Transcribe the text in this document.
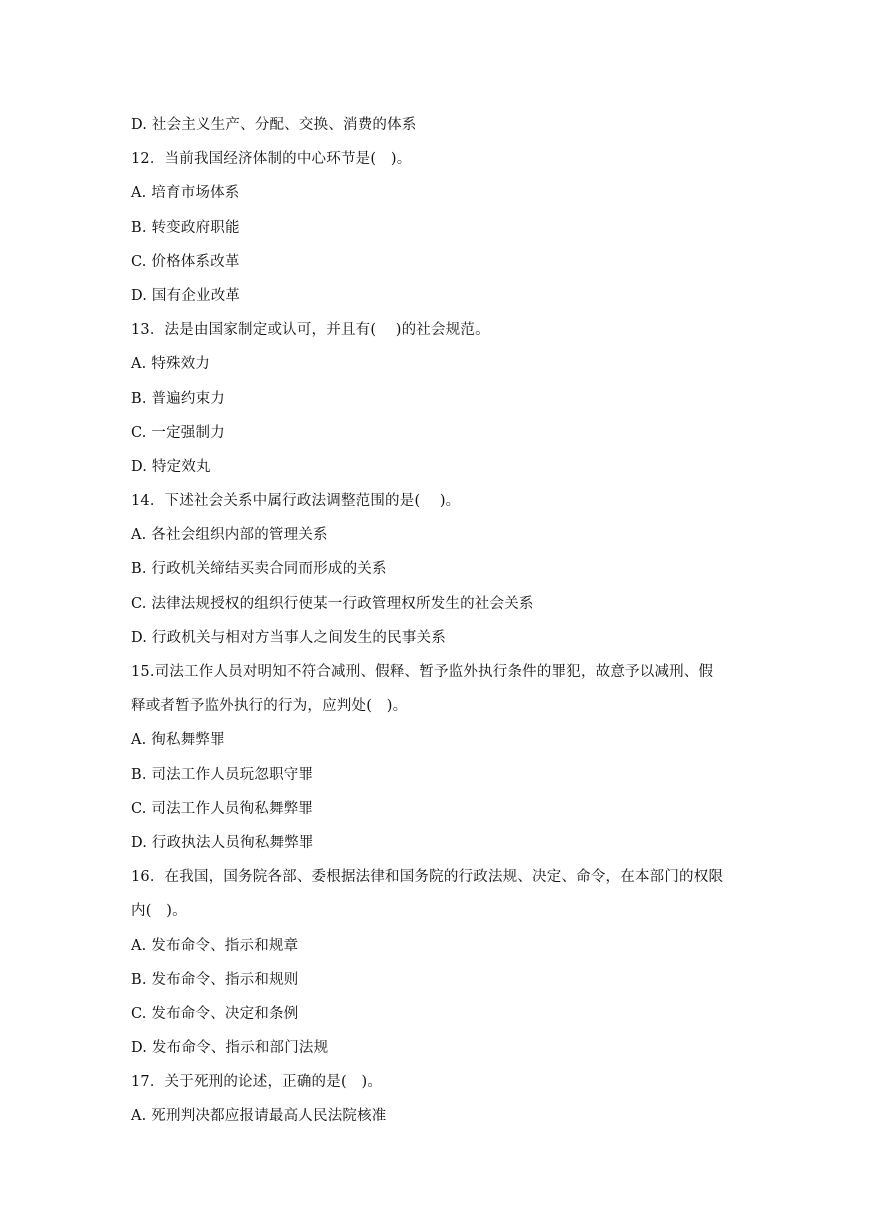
D. 社会主义生产、分配、交换、消费的体系
12．当前我国经济体制的中心环节是(　)。
A. 培育市场体系
B. 转变政府职能
C. 价格体系改革
D. 国有企业改革
13．法是由国家制定或认可，并且有(　 )的社会规范。
A. 特殊效力
B. 普遍约束力
C. 一定强制力
D. 特定效丸
14．下述社会关系中属行政法调整范围的是(　 )。
A. 各社会组织内部的管理关系
B. 行政机关缔结买卖合同而形成的关系
C. 法律法规授权的组织行使某一行政管理权所发生的社会关系
D. 行政机关与相对方当事人之间发生的民事关系
15.司法工作人员对明知不符合减刑、假释、暂予监外执行条件的罪犯，故意予以减刑、假
释或者暂予监外执行的行为，应判处(　)。
A. 徇私舞弊罪
B. 司法工作人员玩忽职守罪
C. 司法工作人员徇私舞弊罪
D. 行政执法人员徇私舞弊罪
16．在我国，国务院各部、委根据法律和国务院的行政法规、决定、命令，在本部门的权限
内(　)。
A. 发布命令、指示和规章
B. 发布命令、指示和规则
C. 发布命令、决定和条例
D. 发布命令、指示和部门法规
17．关于死刑的论述，正确的是(　)。
A. 死刑判决都应报请最高人民法院核准
